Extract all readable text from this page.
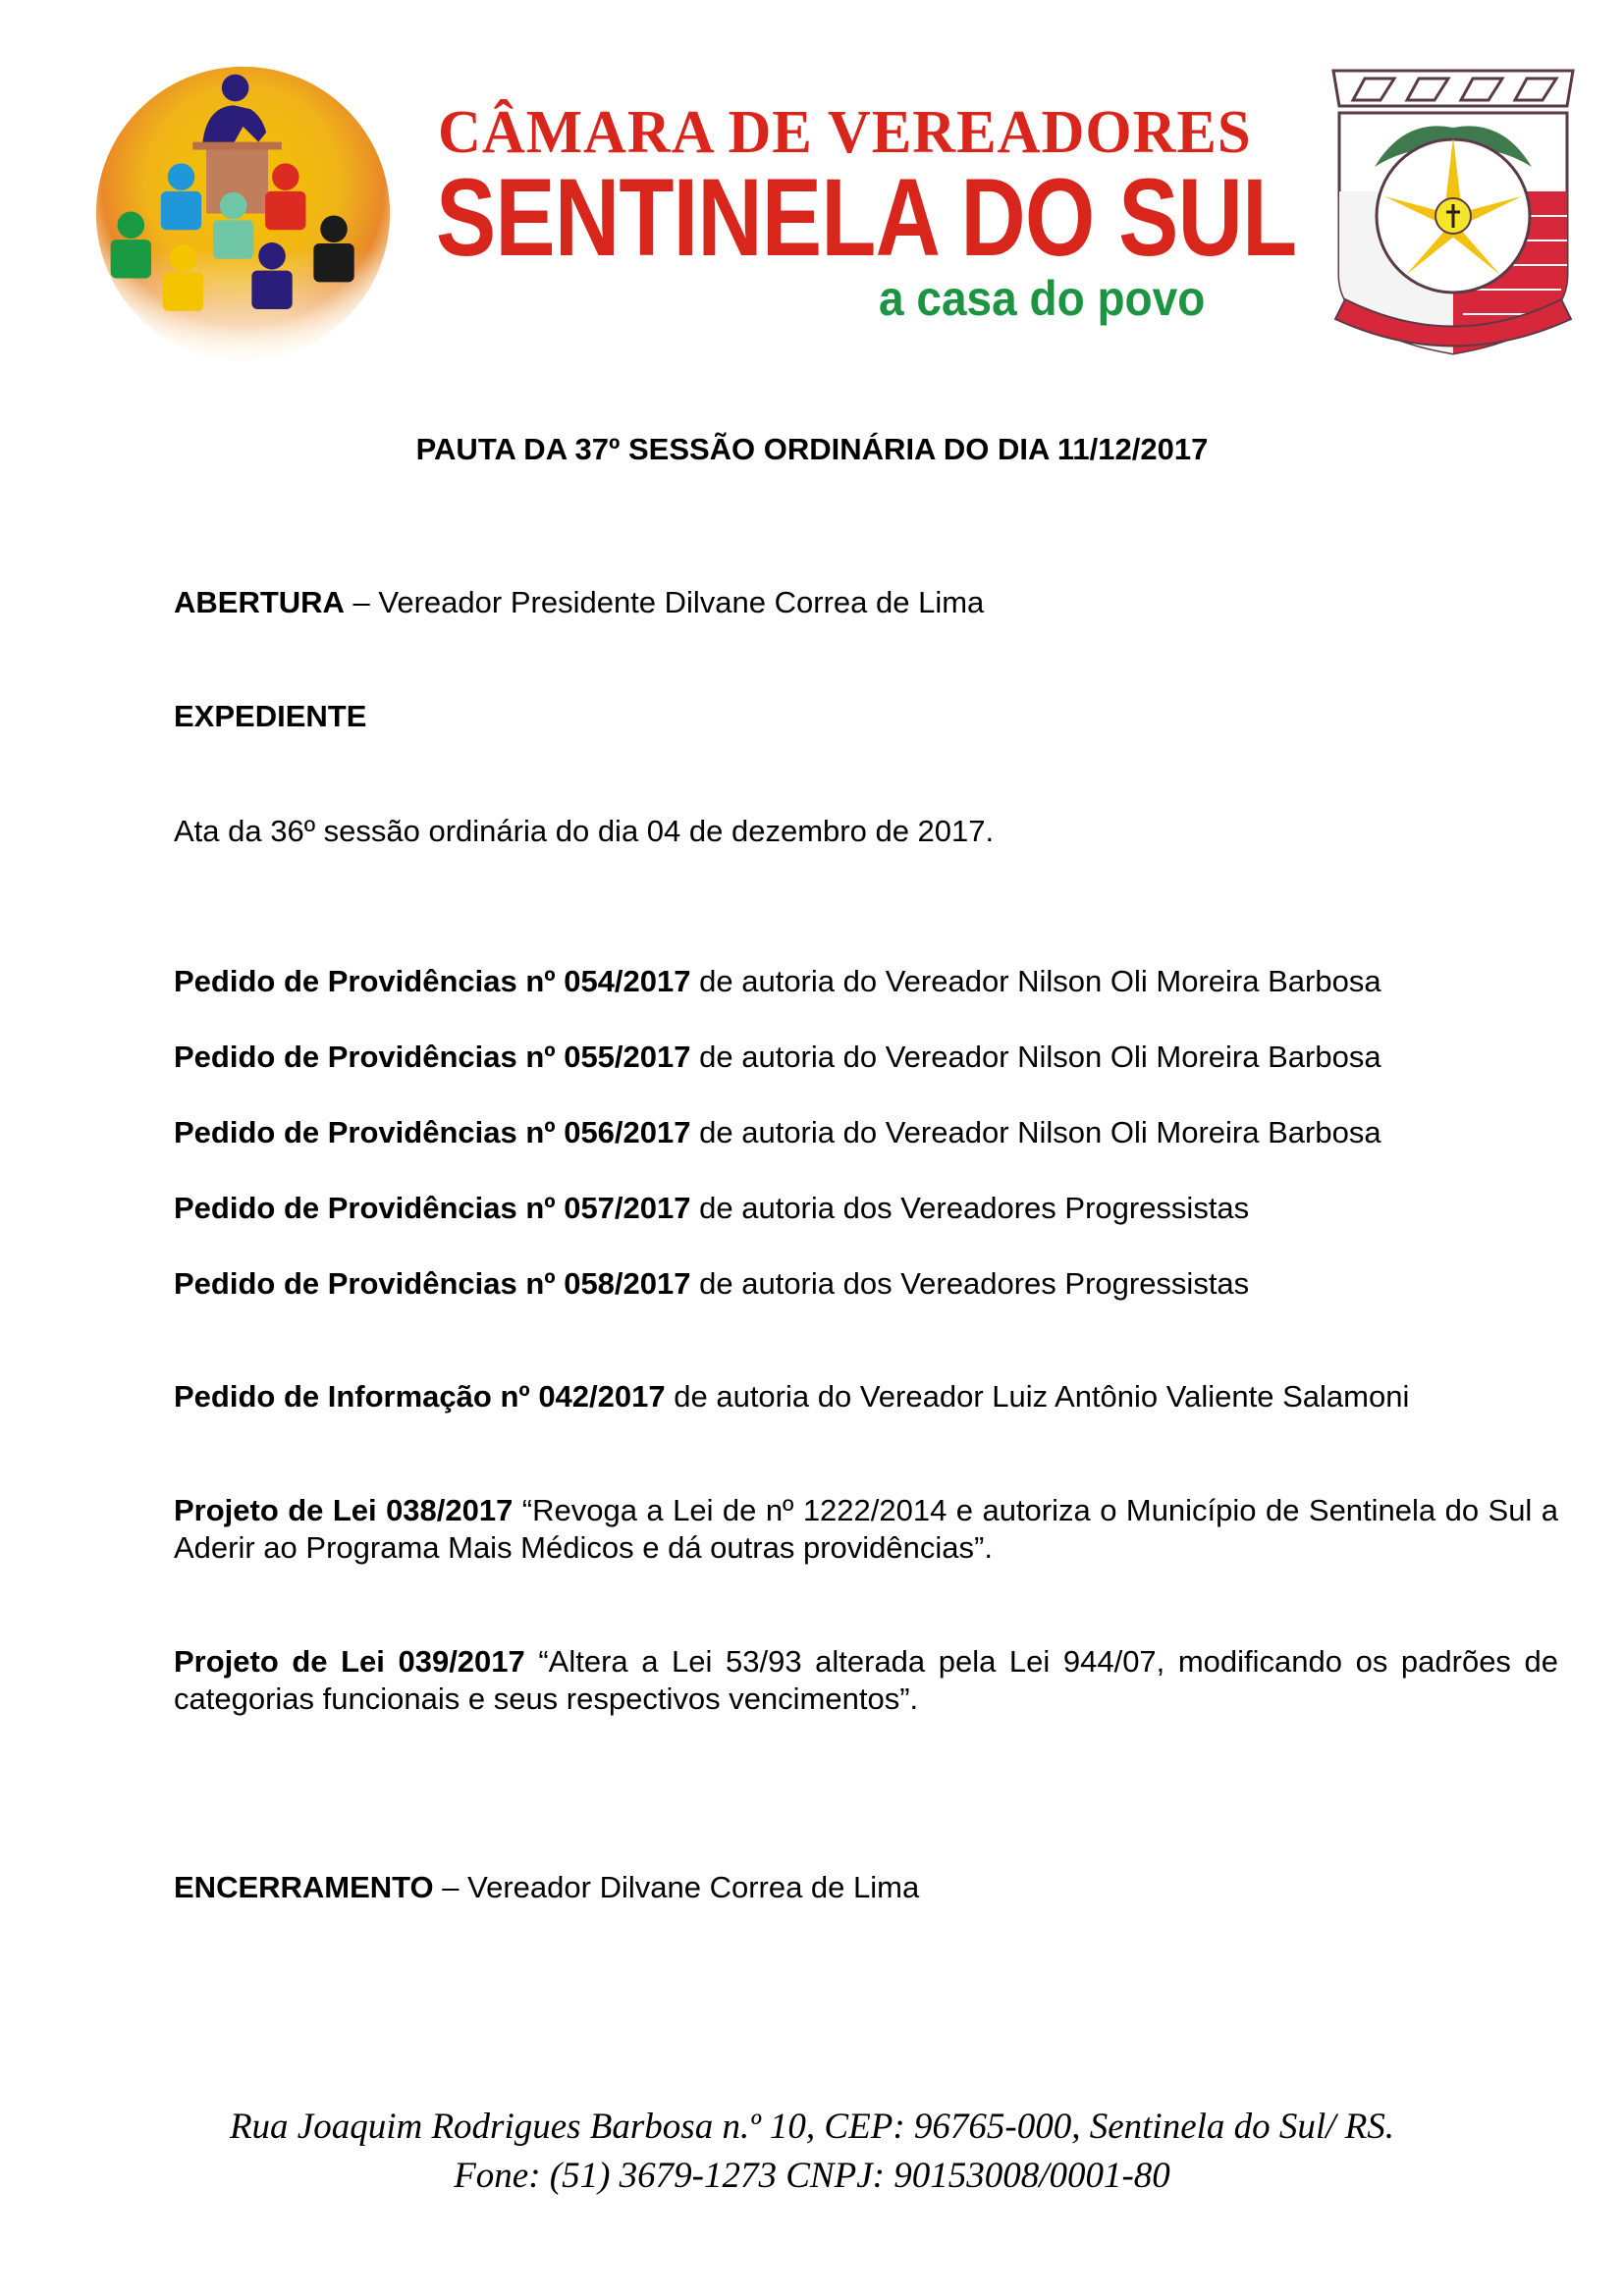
CÂMARA DE VEREADORES
SENTINELA DO SUL
a casa do povo
PAUTA DA 37º SESSÃO ORDINÁRIA DO DIA 11/12/2017
ABERTURA – Vereador Presidente Dilvane Correa de Lima
EXPEDIENTE
Ata da 36º sessão ordinária do dia 04 de dezembro de 2017.
Pedido de Providências nº 054/2017 de autoria do Vereador Nilson Oli Moreira Barbosa
Pedido de Providências nº 055/2017 de autoria do Vereador Nilson Oli Moreira Barbosa
Pedido de Providências nº 056/2017 de autoria do Vereador Nilson Oli Moreira Barbosa
Pedido de Providências nº 057/2017 de autoria dos Vereadores Progressistas
Pedido de Providências nº 058/2017 de autoria dos Vereadores Progressistas
Pedido de Informação nº 042/2017 de autoria do Vereador Luiz Antônio Valiente Salamoni
Projeto de Lei 038/2017 “Revoga a Lei de nº 1222/2014 e autoriza o Município de Sentinela do Sul a Aderir ao Programa Mais Médicos e dá outras providências”.
Projeto de Lei 039/2017 “Altera a Lei 53/93 alterada pela Lei 944/07, modificando os padrões de categorias funcionais e seus respectivos vencimentos”.
ENCERRAMENTO – Vereador Dilvane Correa de Lima
Rua Joaquim Rodrigues Barbosa n.º 10, CEP: 96765-000, Sentinela do Sul/ RS.
Fone: (51) 3679-1273 CNPJ: 90153008/0001-80
